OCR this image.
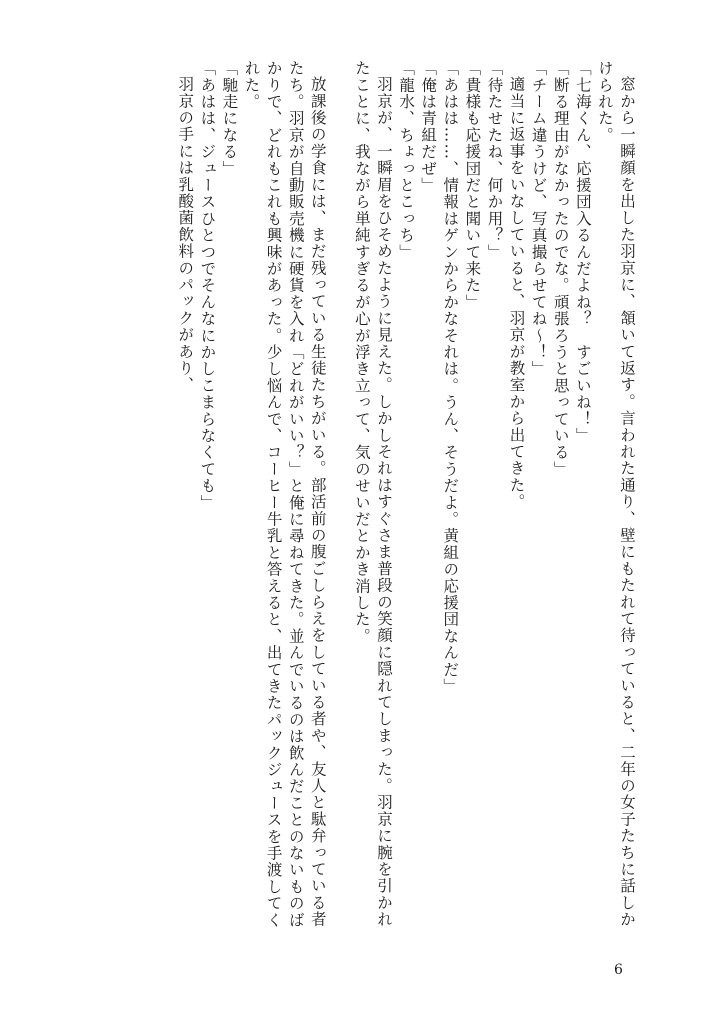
窓から一瞬顔を出した羽京に、頷いて返す。言われた通り、壁にもたれて待っていると、二年の女子たちに話しかけられた。

「七海くん、応援団入るんだよね？　すごいね！」

「断る理由がなかったのでな。頑張ろうと思っている」

「チーム違うけど、写真撮らせてね〜！」

適当に返事をいなしていると、羽京が教室から出てきた。

「待たせたね、何か用？」

「貴様も応援団だと聞いて来た」

「あはは……、情報はゲンからかなそれは。うん、そうだよ。黄組の応援団なんだ」

「俺は青組だぜ」

「龍水、ちょっとこっち」

羽京が、一瞬眉をひそめたように見えた。しかしそれはすぐさま普段の笑顔に隠れてしまった。羽京に腕を引かれたことに、我ながら単純すぎるが心が浮き立って、気のせいだとかき消した。

放課後の学食には、まだ残っている生徒たちがいる。部活前の腹ごしらえをしている者や、友人と駄弁っている者たち。羽京が自動販売機に硬貨を入れ「どれがいい？」と俺に尋ねてきた。並んでいるのは飲んだことのないものばかりで、どれもこれも興味があった。少し悩んで、コーヒー牛乳と答えると、出てきたパックジュースを手渡してくれた。

「馳走になる」

「あはは、ジュースひとつでそんなにかしこまらなくても」

羽京の手には乳酸菌飲料のパックがあり、

6
